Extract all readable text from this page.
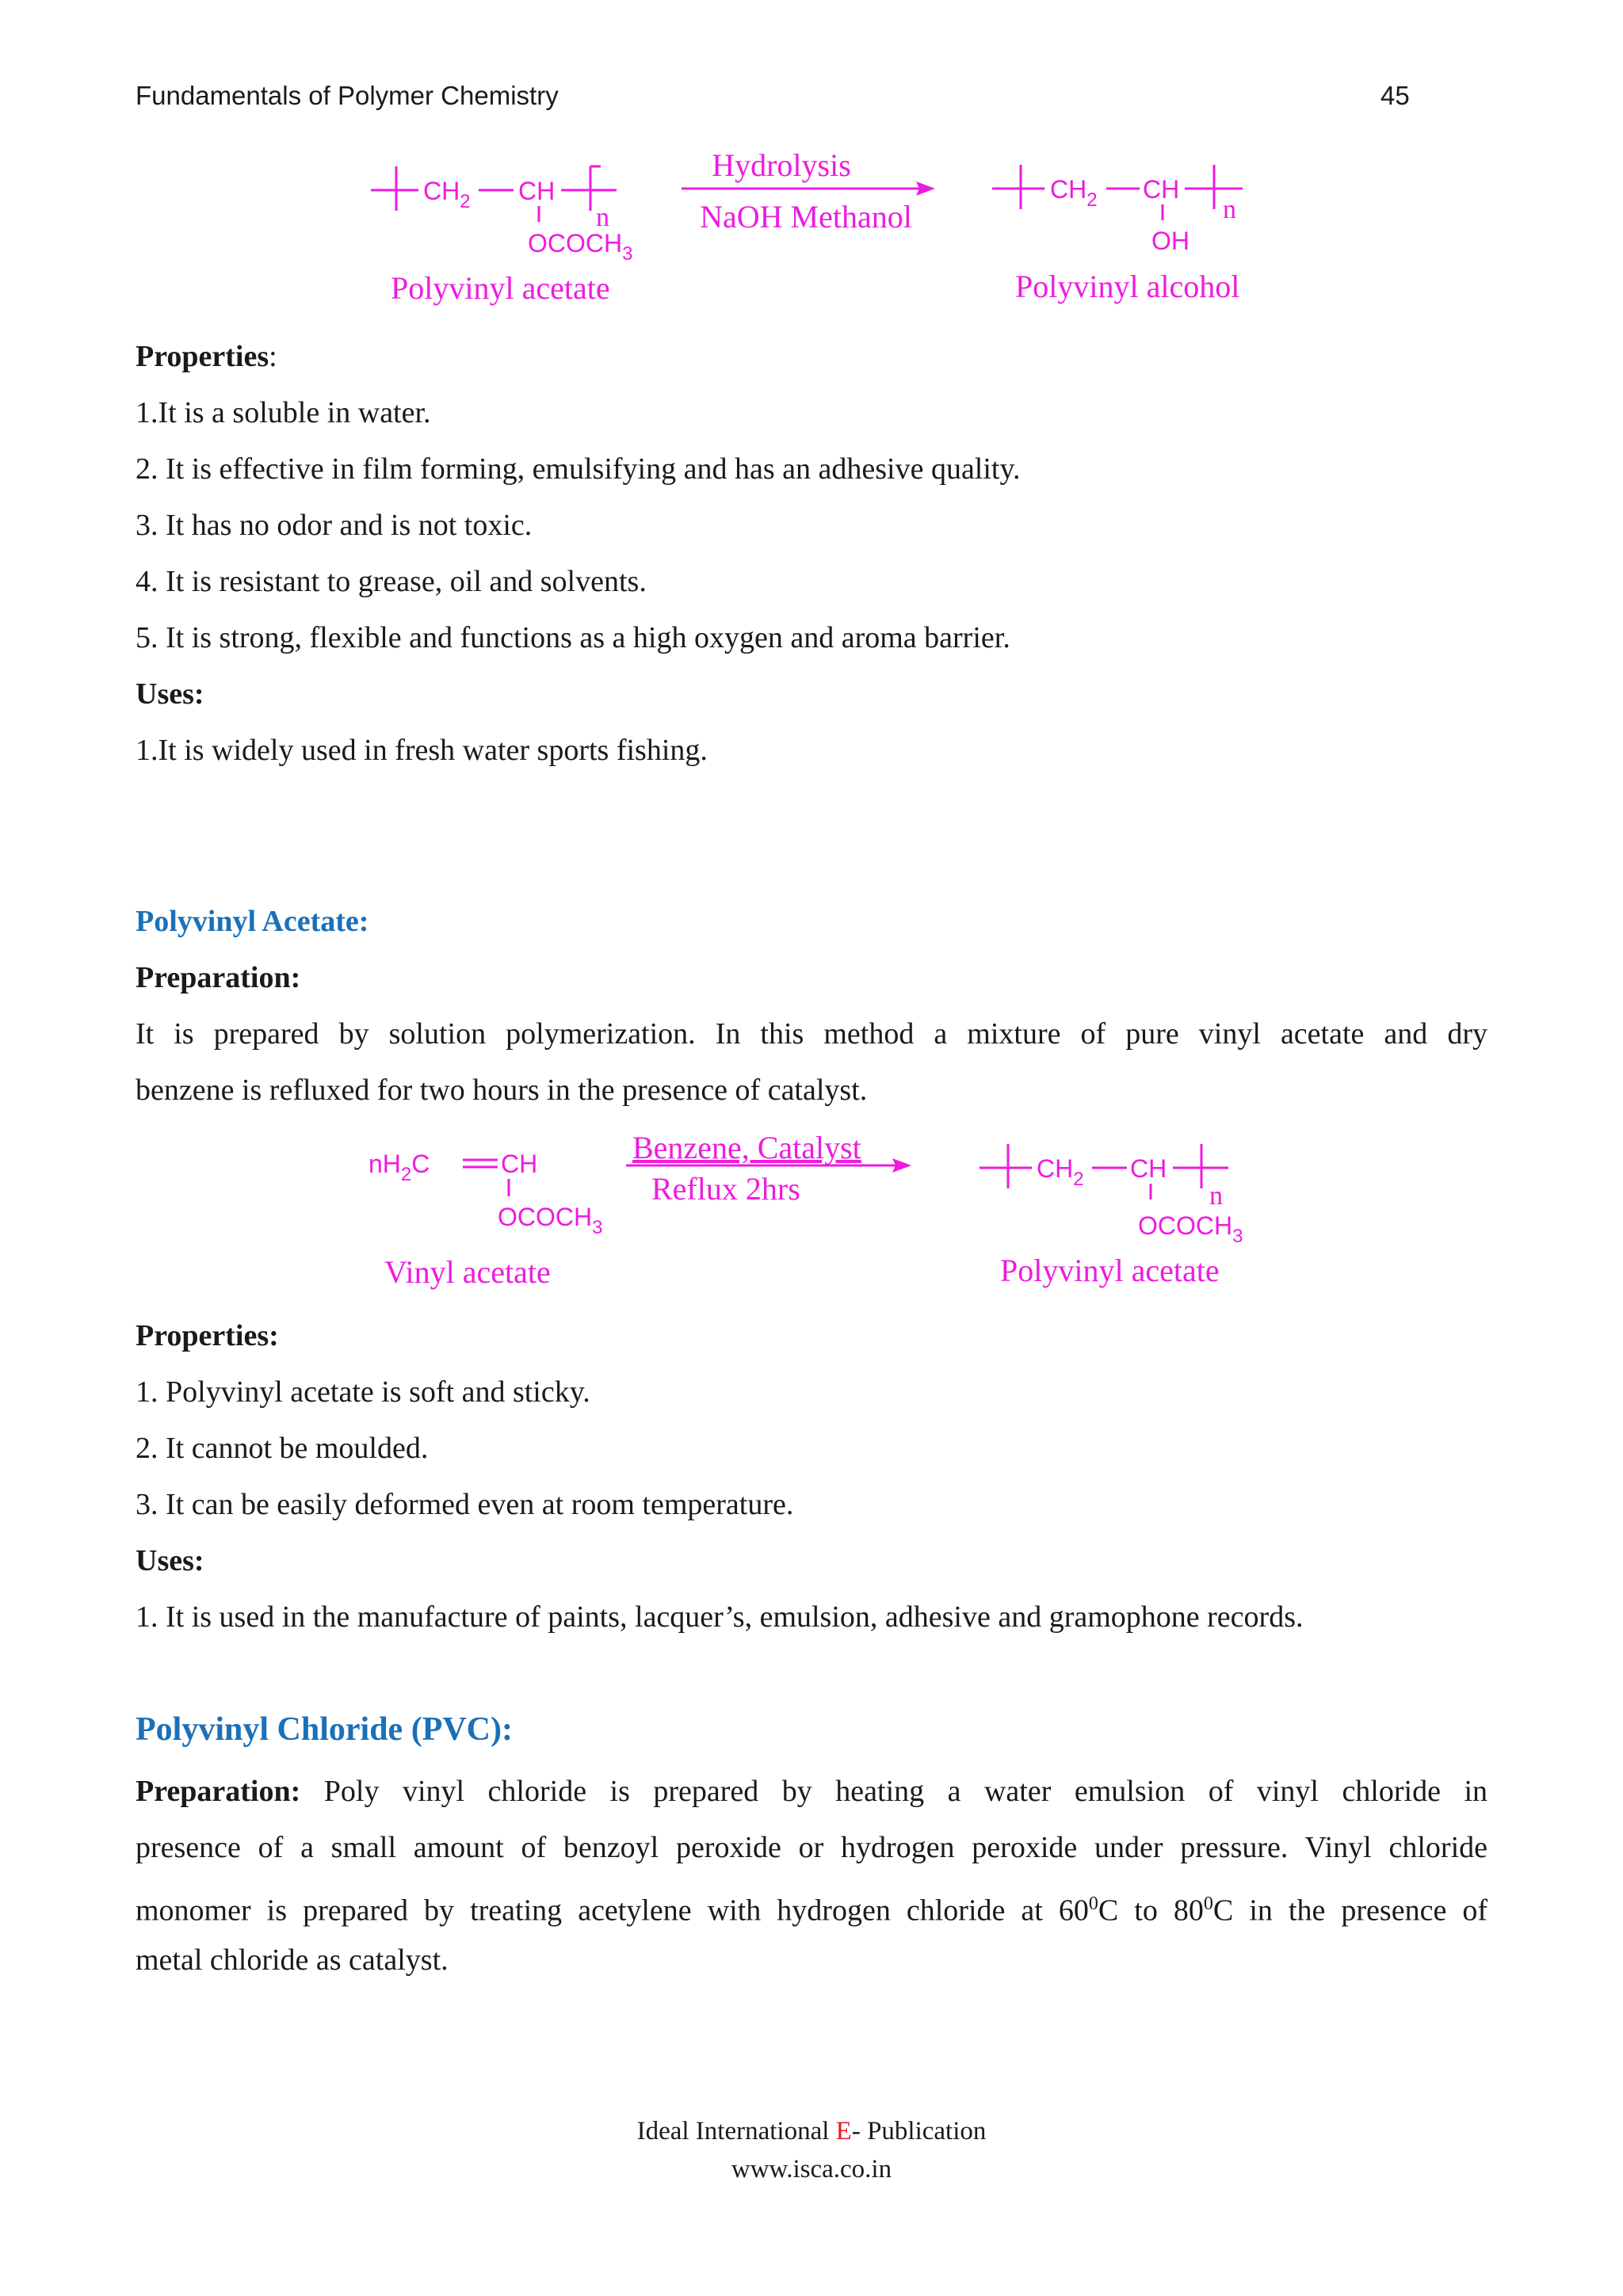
Fundamentals of Polymer Chemistry	45
$CH_2$ CH
n
$OCOCH_3$
Hydrolysis
NaOH Methanol
$CH_2$ CH
n
OH
Polyvinyl acetate	Polyvinyl alcohol
Properties:
1.It is a soluble in water.
2. It is effective in film forming, emulsifying and has an adhesive quality.
3. It has no odor and is not toxic.
4. It is resistant to grease, oil and solvents.
5. It is strong, flexible and functions as a high oxygen and aroma barrier.
Uses:
1.It is widely used in fresh water sports fishing.
Polyvinyl Acetate:
Preparation:
It is prepared by solution polymerization. In this method a mixture of pure vinyl acetate and dry
benzene is refluxed for two hours in the presence of catalyst.
$nH_2C$	CH
$OCOCH_3$
Benzene, Catalyst
Reflux 2hrs
$CH_2$ CH
n
$OCOCH_3$
Vinyl acetate	Polyvinyl acetate
Properties:
1. Polyvinyl acetate is soft and sticky.
2. It cannot be moulded.
3. It can be easily deformed even at room temperature.
Uses:
1. It is used in the manufacture of paints, lacquer’s, emulsion, adhesive and gramophone records.
Polyvinyl Chloride (PVC):
Preparation: Poly vinyl chloride is prepared by heating a water emulsion of vinyl chloride in
presence of a small amount of benzoyl peroxide or hydrogen peroxide under pressure. Vinyl chloride
monomer is prepared by treating acetylene with hydrogen chloride at $60^0C$ to $80^0C$ in the presence of
metal chloride as catalyst.
Ideal International E- Publication
www.isca.co.in
